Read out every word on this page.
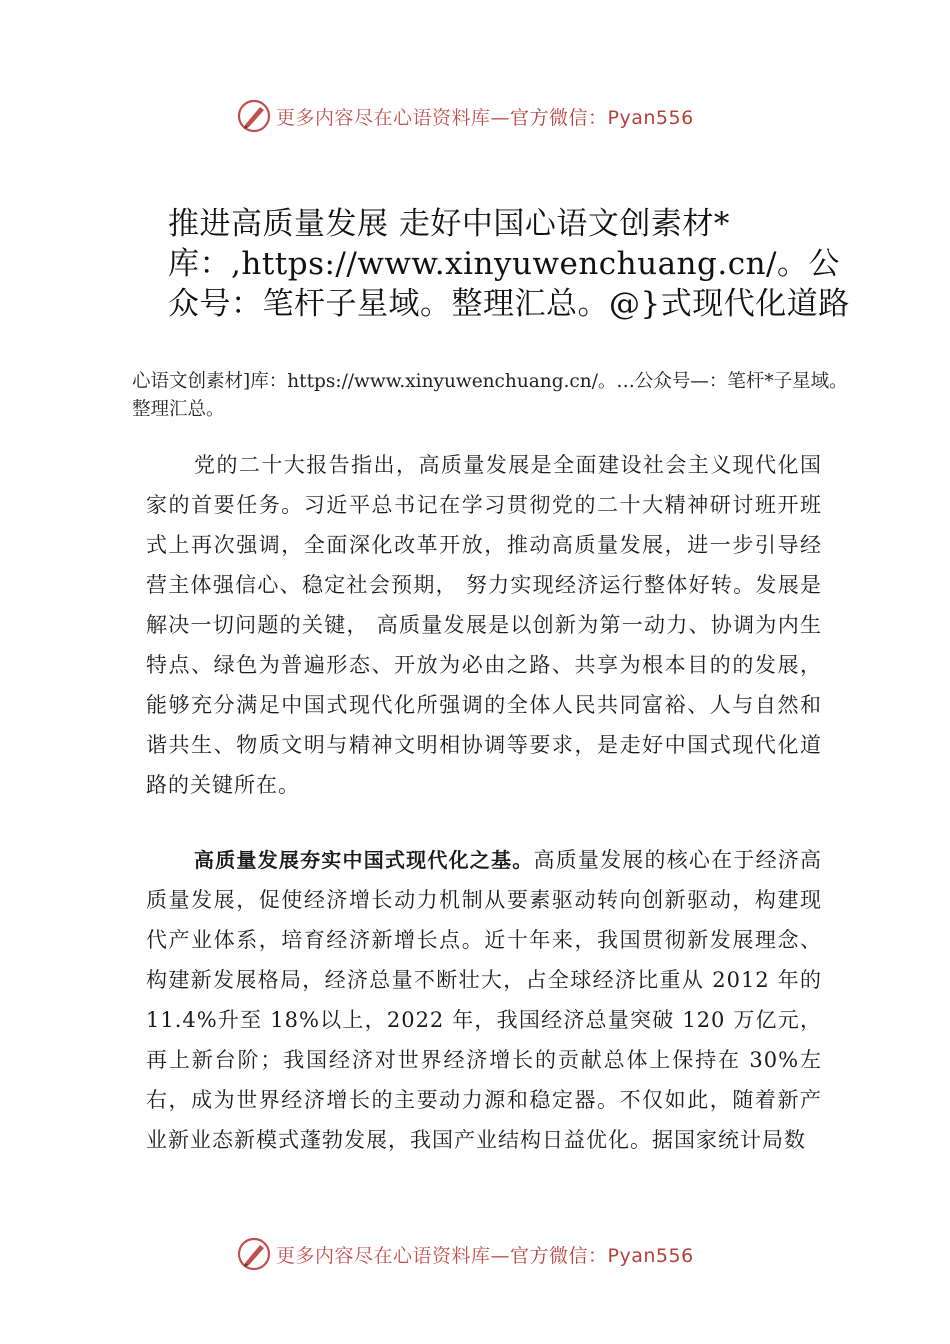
更多内容尽在心语资料库—官方微信：Pyan556
推进高质量发展 走好中国心语文创素材*库：,https://www.xinyuwenchuang.cn/。公众号：笔杆子星域。整理汇总。@}式现代化道路

心语文创素材]库：https://www.xinyuwenchuang.cn/。…公众号—：笔杆*子星域。整理汇总。

党的二十大报告指出，高质量发展是全面建设社会主义现代化国家的首要任务。习近平总书记在学习贯彻党的二十大精神研讨班开班式上再次强调，全面深化改革开放，推动高质量发展，进一步引导经营主体强信心、稳定社会预期， 努力实现经济运行整体好转。发展是解决一切问题的关键， 高质量发展是以创新为第一动力、协调为内生特点、绿色为普遍形态、开放为必由之路、共享为根本目的的发展，能够充分满足中国式现代化所强调的全体人民共同富裕、人与自然和谐共生、物质文明与精神文明相协调等要求，是走好中国式现代化道路的关键所在。

高质量发展夯实中国式现代化之基。高质量发展的核心在于经济高质量发展，促使经济增长动力机制从要素驱动转向创新驱动，构建现代产业体系，培育经济新增长点。近十年来，我国贯彻新发展理念、构建新发展格局，经济总量不断壮大，占全球经济比重从 2012 年的 11.4%升至 18%以上，2022 年，我国经济总量突破 120 万亿元，再上新台阶；我国经济对世界经济增长的贡献总体上保持在 30%左右，成为世界经济增长的主要动力源和稳定器。不仅如此，随着新产业新业态新模式蓬勃发展，我国产业结构日益优化。据国家统计局数

更多内容尽在心语资料库—官方微信：Pyan556
